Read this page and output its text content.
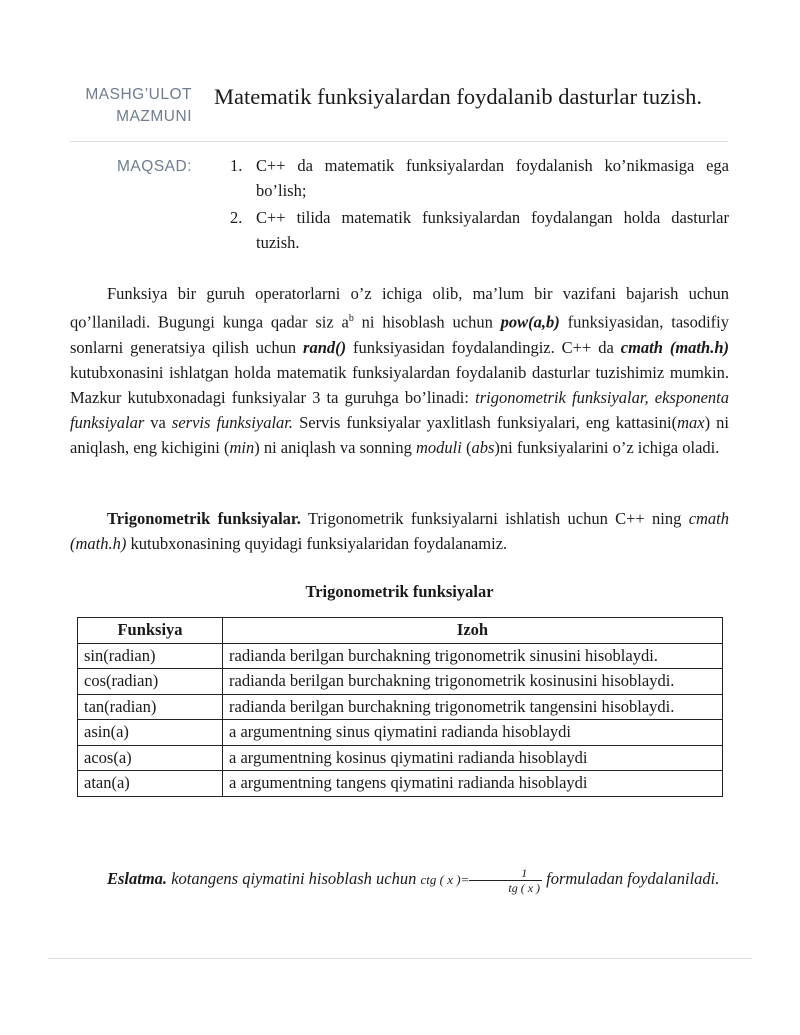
MASHG’ULOT
MAZMUNI
Matematik funksiyalardan foydalanib dasturlar tuzish.
MAQSAD: 1. C++ da matematik funksiyalardan foydalanish ko’nikmasiga ega bo’lish;
2. C++ tilida matematik funksiyalardan foydalangan holda dasturlar tuzish.
Funksiya bir guruh operatorlarni o’z ichiga olib, ma’lum bir vazifani bajarish uchun qo’llaniladi. Bugungi kunga qadar siz $a^b$ ni hisoblash uchun pow(a,b) funksiyasidan, tasodifiy sonlarni generatsiya qilish uchun rand() funksiyasidan foydalandingiz. C++ da cmath (math.h) kutubxonasini ishlatgan holda matematik funksiyalardan foydalanib dasturlar tuzishimiz mumkin. Mazkur kutubxonadagi funksiyalar 3 ta guruhga bo’linadi: trigonometrik funksiyalar, eksponenta funksiyalar va servis funksiyalar. Servis funksiyalar yaxlitlash funksiyalari, eng kattasini(max) ni aniqlash, eng kichigini (min) ni aniqlash va sonning moduli (abs)ni funksiyalarini o’z ichiga oladi.
Trigonometrik funksiyalar. Trigonometrik funksiyalarni ishlatish uchun C++ ning cmath (math.h) kutubxonasining quyidagi funksiyalaridan foydalanamiz.
Trigonometrik funksiyalar
Funksiya	Izoh
sin(radian)	radianda berilgan burchakning trigonometrik sinusini hisoblaydi.
cos(radian)	radianda berilgan burchakning trigonometrik kosinusini hisoblaydi.
tan(radian)	radianda berilgan burchakning trigonometrik tangensini hisoblaydi.
asin(a)	a argumentning sinus qiymatini radianda hisoblaydi
acos(a)	a argumentning kosinus qiymatini radianda hisoblaydi
atan(a)	a argumentning tangens qiymatini radianda hisoblaydi
Eslatma. kotangens qiymatini hisoblash uchun ctg ( x )= $\frac{1}{tg ( x )}$ formuladan foydalaniladi.
